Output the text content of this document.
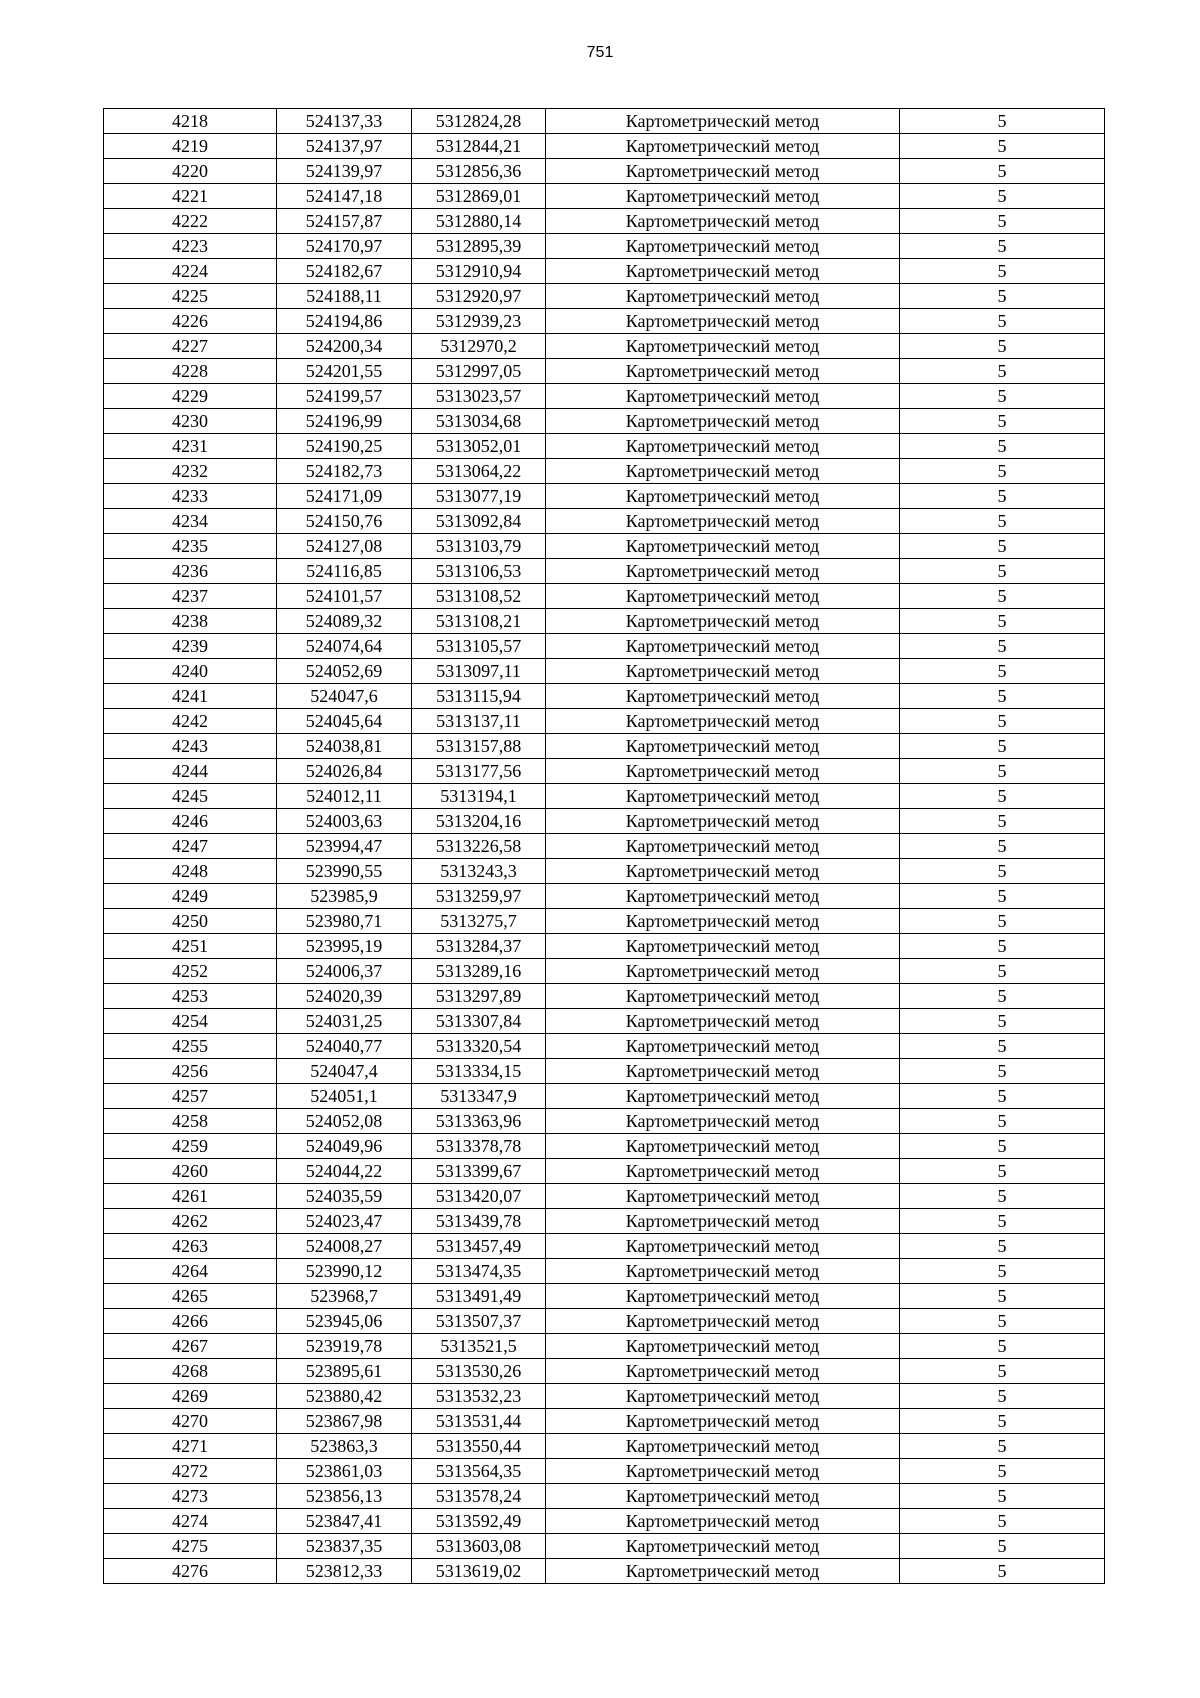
751
4218	524137,33	5312824,28	Картометрический метод	5
4219	524137,97	5312844,21	Картометрический метод	5
4220	524139,97	5312856,36	Картометрический метод	5
4221	524147,18	5312869,01	Картометрический метод	5
4222	524157,87	5312880,14	Картометрический метод	5
4223	524170,97	5312895,39	Картометрический метод	5
4224	524182,67	5312910,94	Картометрический метод	5
4225	524188,11	5312920,97	Картометрический метод	5
4226	524194,86	5312939,23	Картометрический метод	5
4227	524200,34	5312970,2	Картометрический метод	5
4228	524201,55	5312997,05	Картометрический метод	5
4229	524199,57	5313023,57	Картометрический метод	5
4230	524196,99	5313034,68	Картометрический метод	5
4231	524190,25	5313052,01	Картометрический метод	5
4232	524182,73	5313064,22	Картометрический метод	5
4233	524171,09	5313077,19	Картометрический метод	5
4234	524150,76	5313092,84	Картометрический метод	5
4235	524127,08	5313103,79	Картометрический метод	5
4236	524116,85	5313106,53	Картометрический метод	5
4237	524101,57	5313108,52	Картометрический метод	5
4238	524089,32	5313108,21	Картометрический метод	5
4239	524074,64	5313105,57	Картометрический метод	5
4240	524052,69	5313097,11	Картометрический метод	5
4241	524047,6	5313115,94	Картометрический метод	5
4242	524045,64	5313137,11	Картометрический метод	5
4243	524038,81	5313157,88	Картометрический метод	5
4244	524026,84	5313177,56	Картометрический метод	5
4245	524012,11	5313194,1	Картометрический метод	5
4246	524003,63	5313204,16	Картометрический метод	5
4247	523994,47	5313226,58	Картометрический метод	5
4248	523990,55	5313243,3	Картометрический метод	5
4249	523985,9	5313259,97	Картометрический метод	5
4250	523980,71	5313275,7	Картометрический метод	5
4251	523995,19	5313284,37	Картометрический метод	5
4252	524006,37	5313289,16	Картометрический метод	5
4253	524020,39	5313297,89	Картометрический метод	5
4254	524031,25	5313307,84	Картометрический метод	5
4255	524040,77	5313320,54	Картометрический метод	5
4256	524047,4	5313334,15	Картометрический метод	5
4257	524051,1	5313347,9	Картометрический метод	5
4258	524052,08	5313363,96	Картометрический метод	5
4259	524049,96	5313378,78	Картометрический метод	5
4260	524044,22	5313399,67	Картометрический метод	5
4261	524035,59	5313420,07	Картометрический метод	5
4262	524023,47	5313439,78	Картометрический метод	5
4263	524008,27	5313457,49	Картометрический метод	5
4264	523990,12	5313474,35	Картометрический метод	5
4265	523968,7	5313491,49	Картометрический метод	5
4266	523945,06	5313507,37	Картометрический метод	5
4267	523919,78	5313521,5	Картометрический метод	5
4268	523895,61	5313530,26	Картометрический метод	5
4269	523880,42	5313532,23	Картометрический метод	5
4270	523867,98	5313531,44	Картометрический метод	5
4271	523863,3	5313550,44	Картометрический метод	5
4272	523861,03	5313564,35	Картометрический метод	5
4273	523856,13	5313578,24	Картометрический метод	5
4274	523847,41	5313592,49	Картометрический метод	5
4275	523837,35	5313603,08	Картометрический метод	5
4276	523812,33	5313619,02	Картометрический метод	5
